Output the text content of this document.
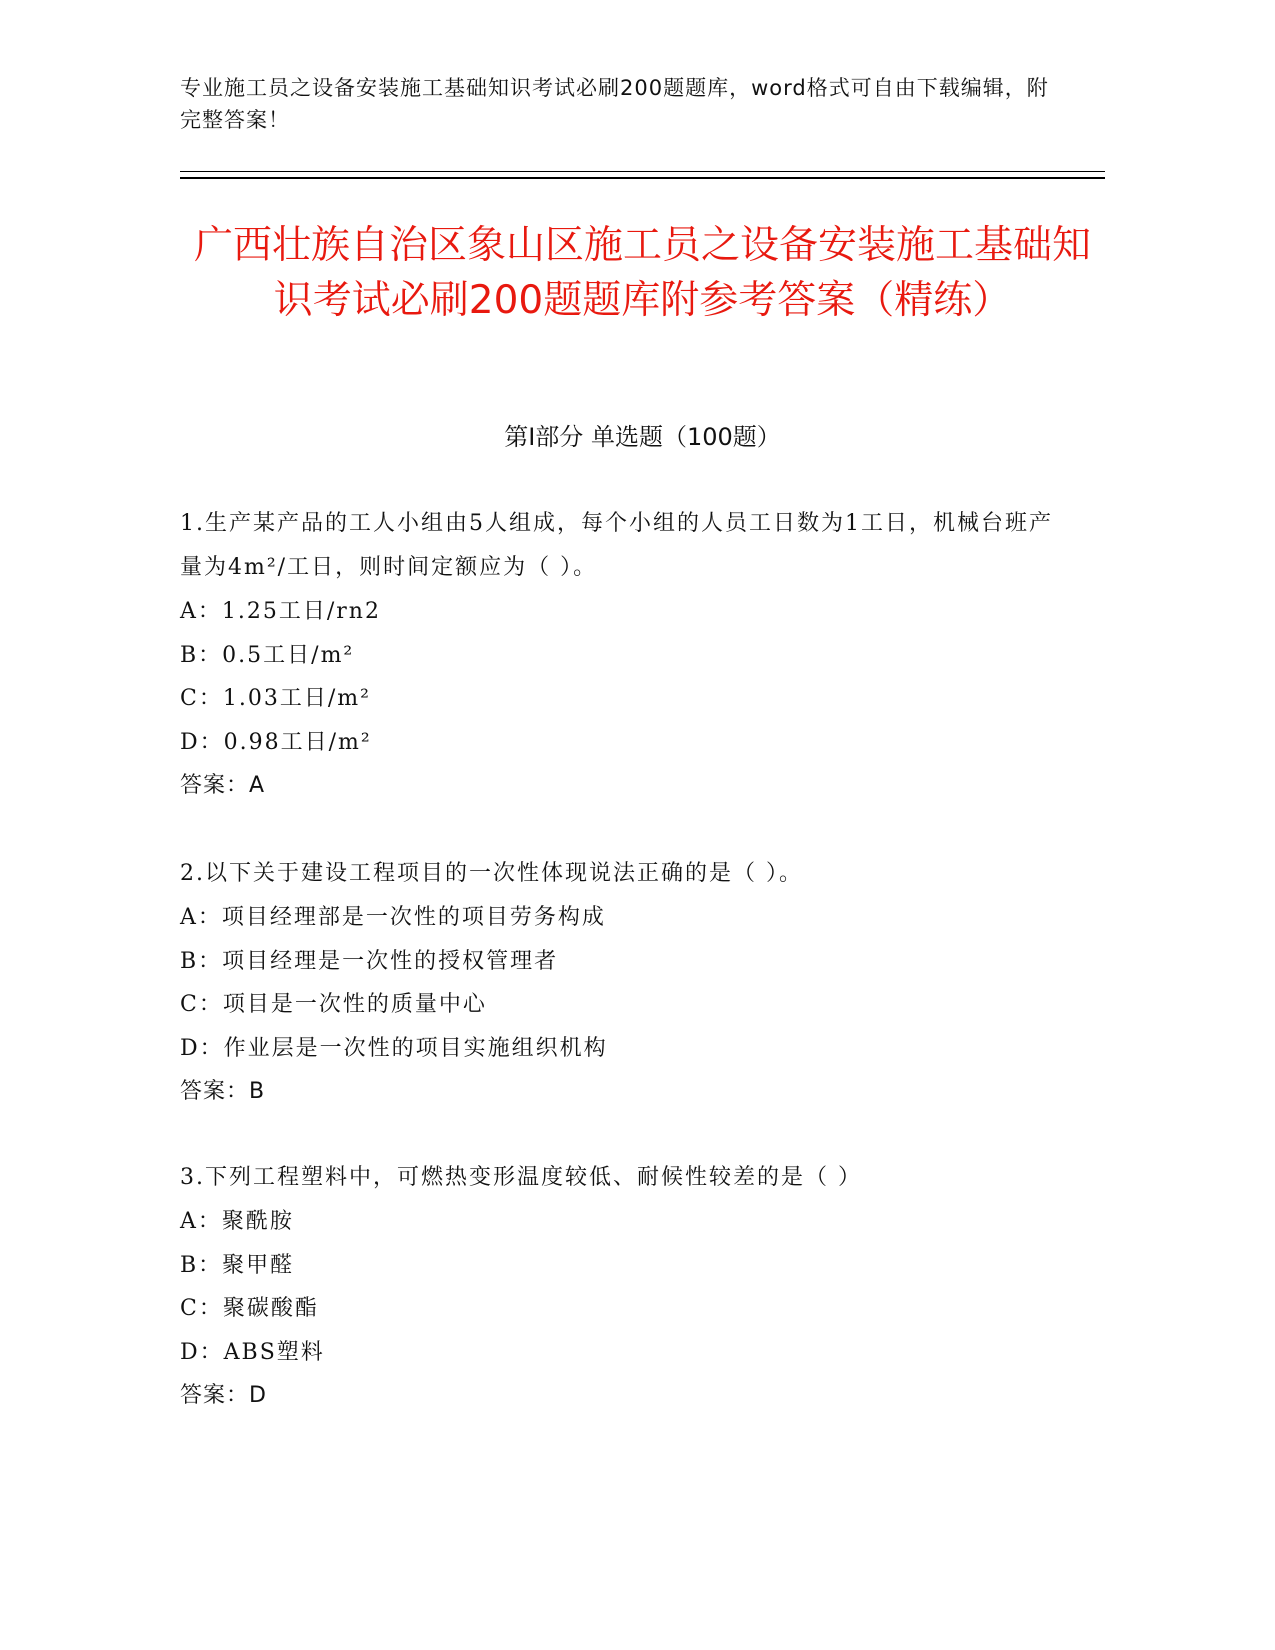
专业施工员之设备安装施工基础知识考试必刷200题题库，word格式可自由下载编辑，附完整答案！
广西壮族自治区象山区施工员之设备安装施工基础知识考试必刷200题题库附参考答案（精练）
第I部分 单选题（100题）
1.生产某产品的工人小组由5人组成，每个小组的人员工日数为1工日，机械台班产量为4m²/工日，则时间定额应为（ ）。
A：1.25工日/rn2
B：0.5工日/m²
C：1.03工日/m²
D：0.98工日/m²
答案：A
2.以下关于建设工程项目的一次性体现说法正确的是（ ）。
A：项目经理部是一次性的项目劳务构成
B：项目经理是一次性的授权管理者
C：项目是一次性的质量中心
D：作业层是一次性的项目实施组织机构
答案：B
3.下列工程塑料中，可燃热变形温度较低、耐候性较差的是（ ）
A：聚酰胺
B：聚甲醛
C：聚碳酸酯
D：ABS塑料
答案：D
